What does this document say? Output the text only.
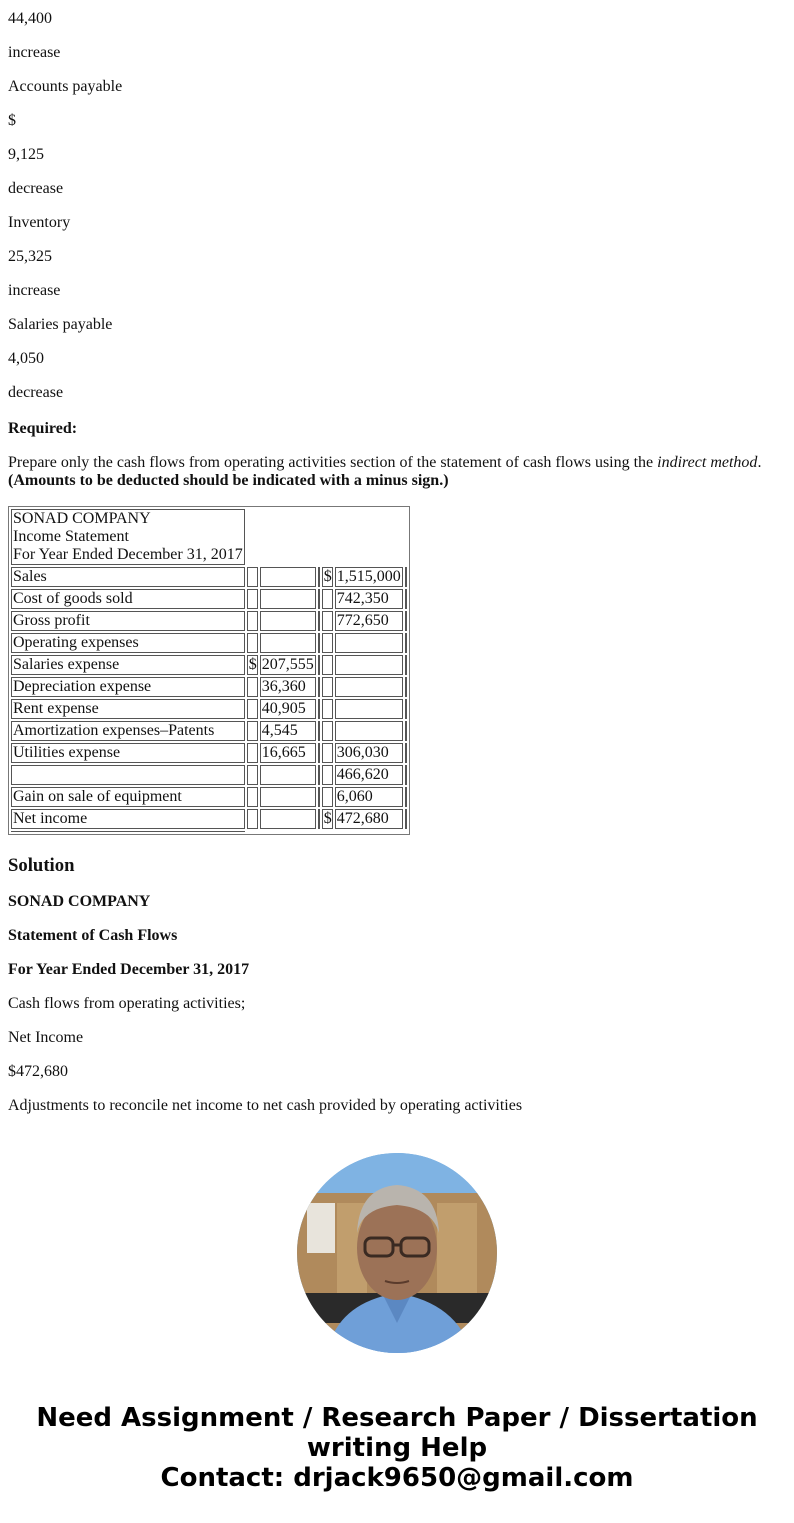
44,400

increase

Accounts payable

$

9,125

decrease

Inventory

25,325

increase

Salaries payable

4,050

decrease

Required:

Prepare only the cash flows from operating activities section of the statement of cash flows using the indirect method.
(Amounts to be deducted should be indicated with a minus sign.)

SONAD COMPANY
Income Statement
For Year Ended December 31, 2017						

Sales				$	1,515,000	
Cost of goods sold					742,350	
Gross profit					772,650	
Operating expenses						
Salaries expense	$	207,555				
Depreciation expense		36,360				
Rent expense		40,905				
Amortization expenses–Patents		4,545				
Utilities expense		16,665			306,030	
					466,620	
Gain on sale of equipment					6,060	
Net income				$	472,680	

Solution

SONAD COMPANY

Statement of Cash Flows

For Year Ended December 31, 2017

Cash flows from operating activities;

Net Income

$472,680

Adjustments to reconcile net income to net cash provided by operating activities

Need Assignment / Research Paper / Dissertation
writing Help
Contact: drjack9650@gmail.com
